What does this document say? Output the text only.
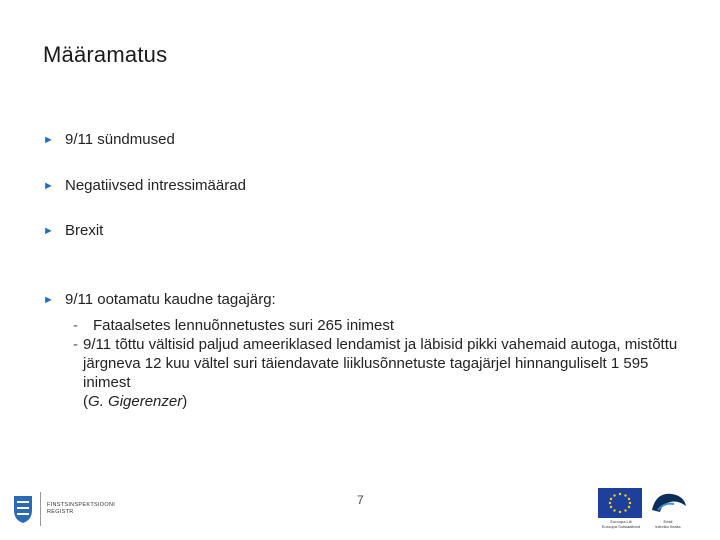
Määramatus
► 9/11 sündmused
► Negatiivsed intressimäärad
► Brexit
► 9/11 ootamatu kaudne tagajärg:
-	Fataalsetes lennuõnnetustes suri 265 inimest
- 9/11 tõttu vältisid paljud ameeriklased lendamist ja läbisid pikki vahemaid autoga, mistõttu järgneva 12 kuu vältel suri täiendavate liiklusõnnetuste tagajärjel hinnanguliselt 1 595 inimest
(G. Gigerenzer)
7
FINSTSINSPEKTSIOONI
REGISTR
Euroopa Liit
Euroopa Sotsiaalfond
Eesti
tuleviku heaks
